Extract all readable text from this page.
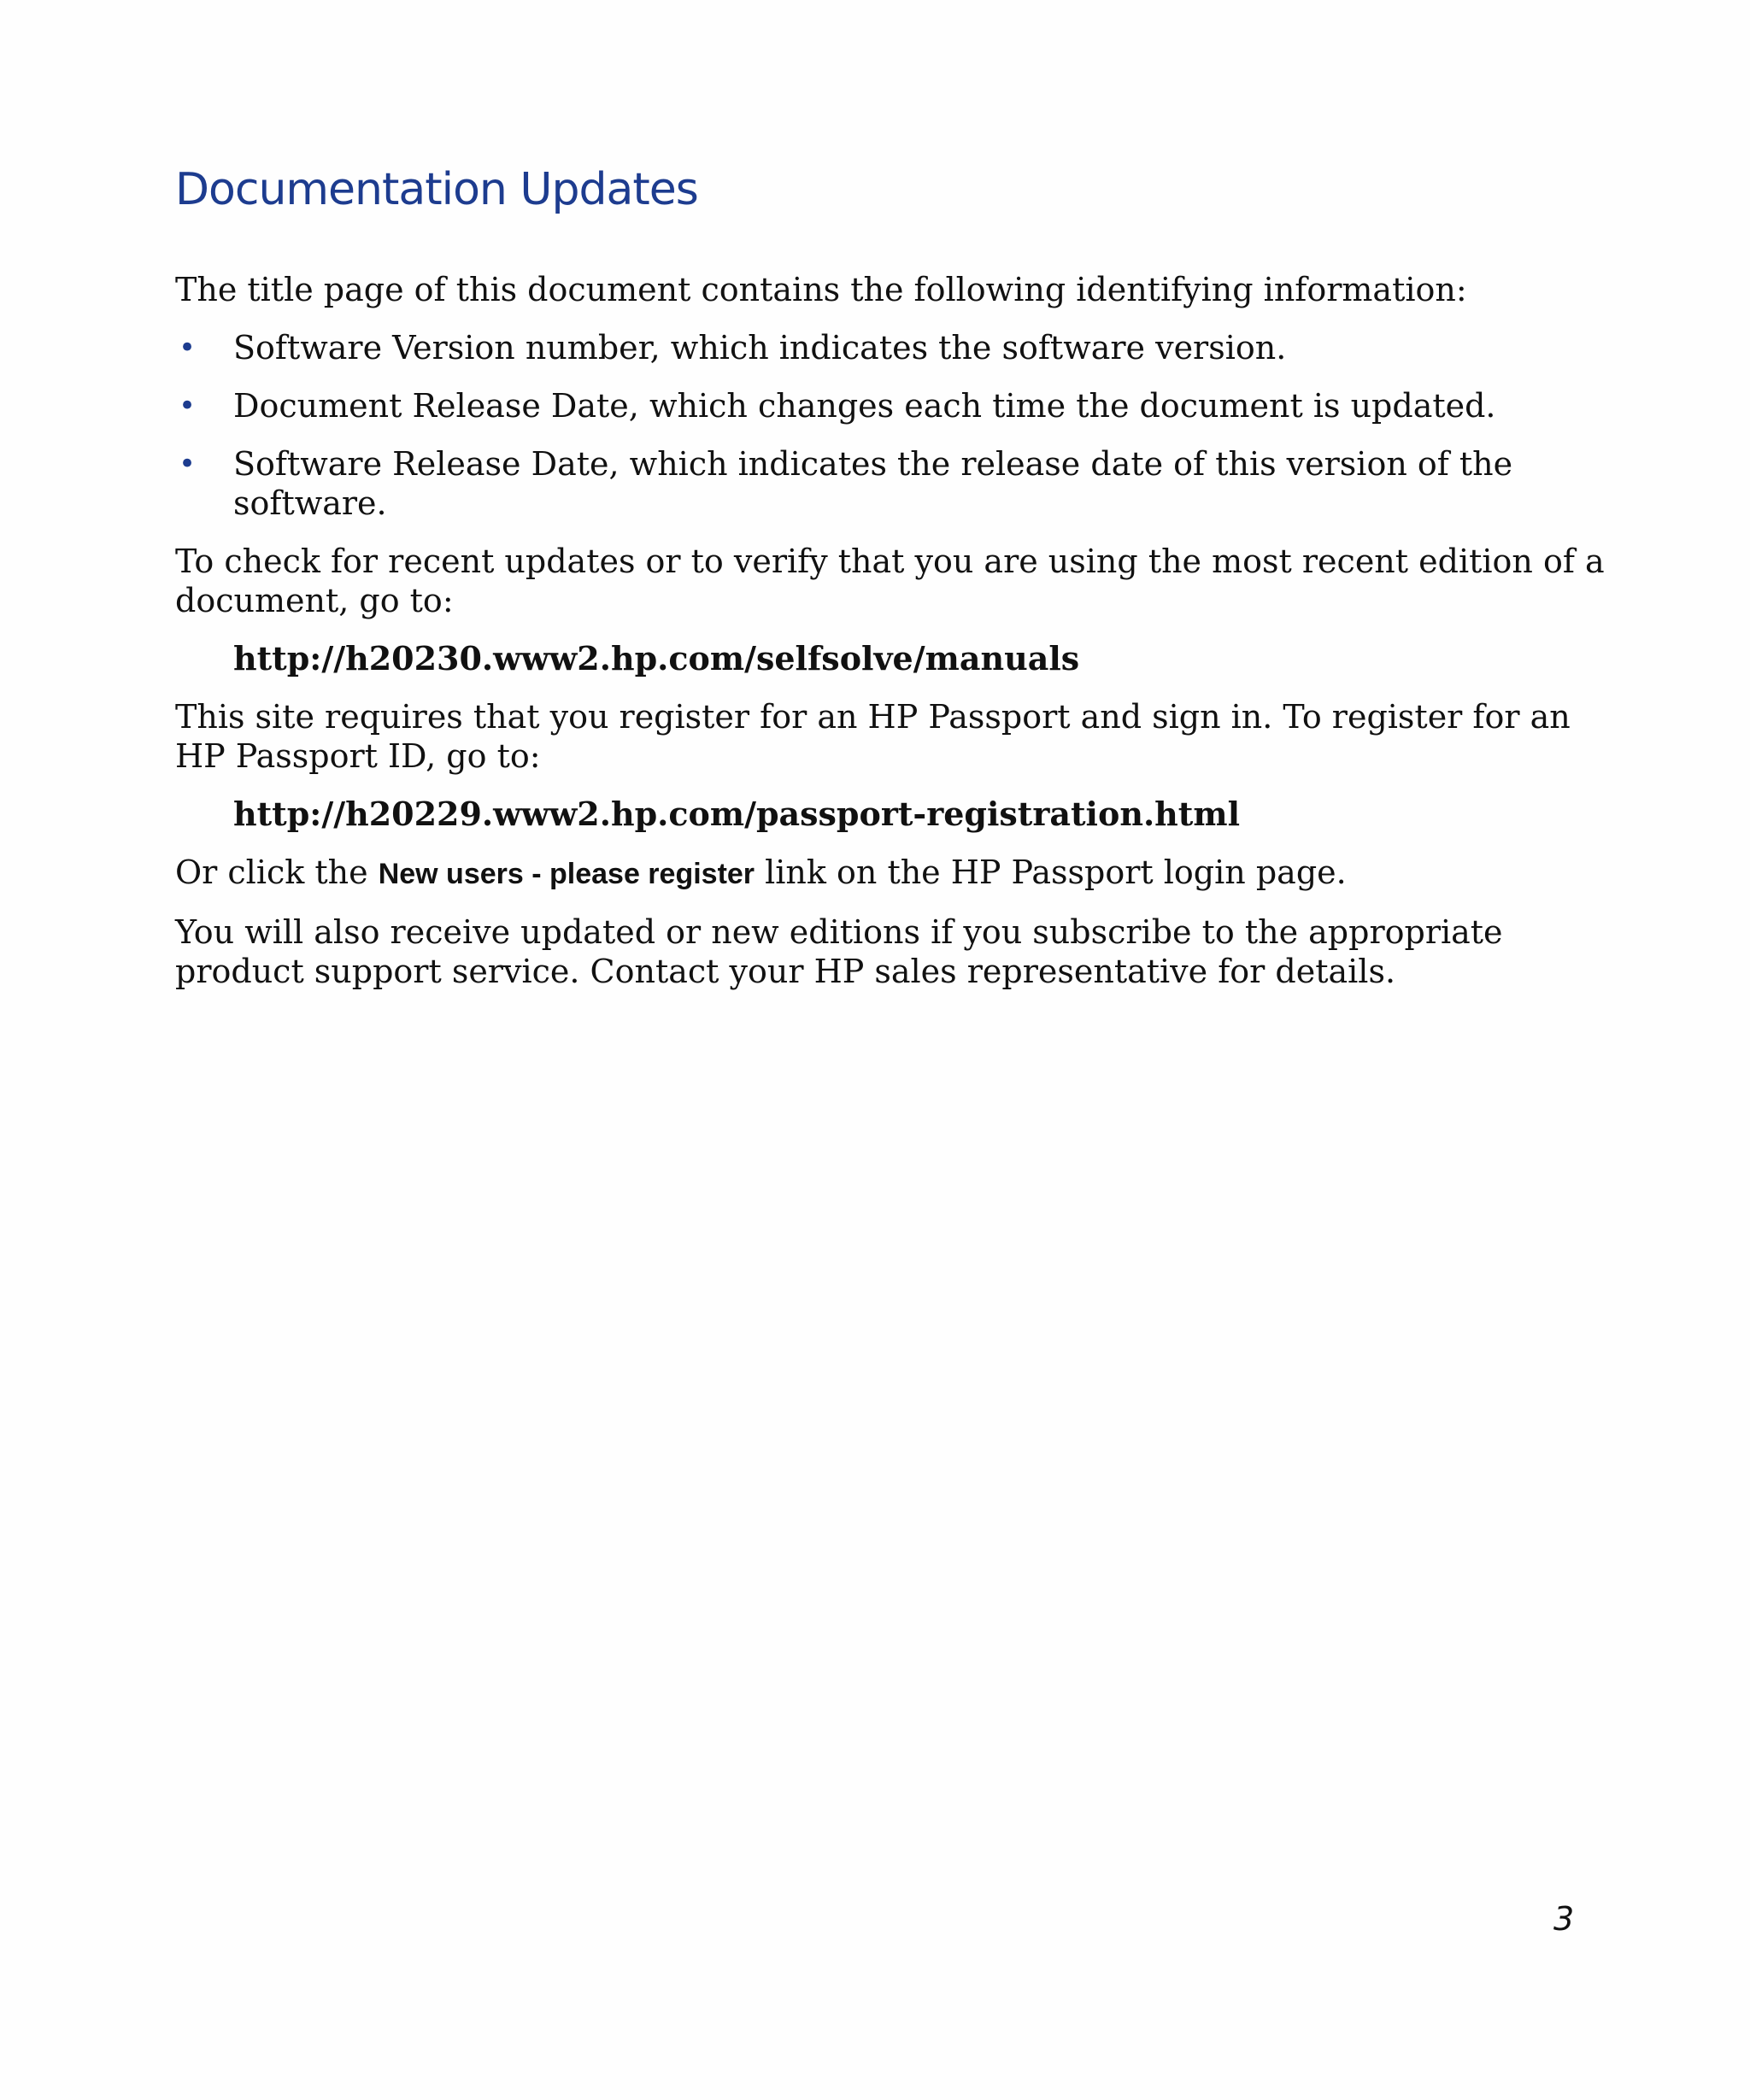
Documentation Updates

The title page of this document contains the following identifying information:

• Software Version number, which indicates the software version.
• Document Release Date, which changes each time the document is updated.
• Software Release Date, which indicates the release date of this version of the software.

To check for recent updates or to verify that you are using the most recent edition of a document, go to:

http://h20230.www2.hp.com/selfsolve/manuals

This site requires that you register for an HP Passport and sign in. To register for an HP Passport ID, go to:

http://h20229.www2.hp.com/passport-registration.html

Or click the New users - please register link on the HP Passport login page.

You will also receive updated or new editions if you subscribe to the appropriate product support service. Contact your HP sales representative for details.

3
